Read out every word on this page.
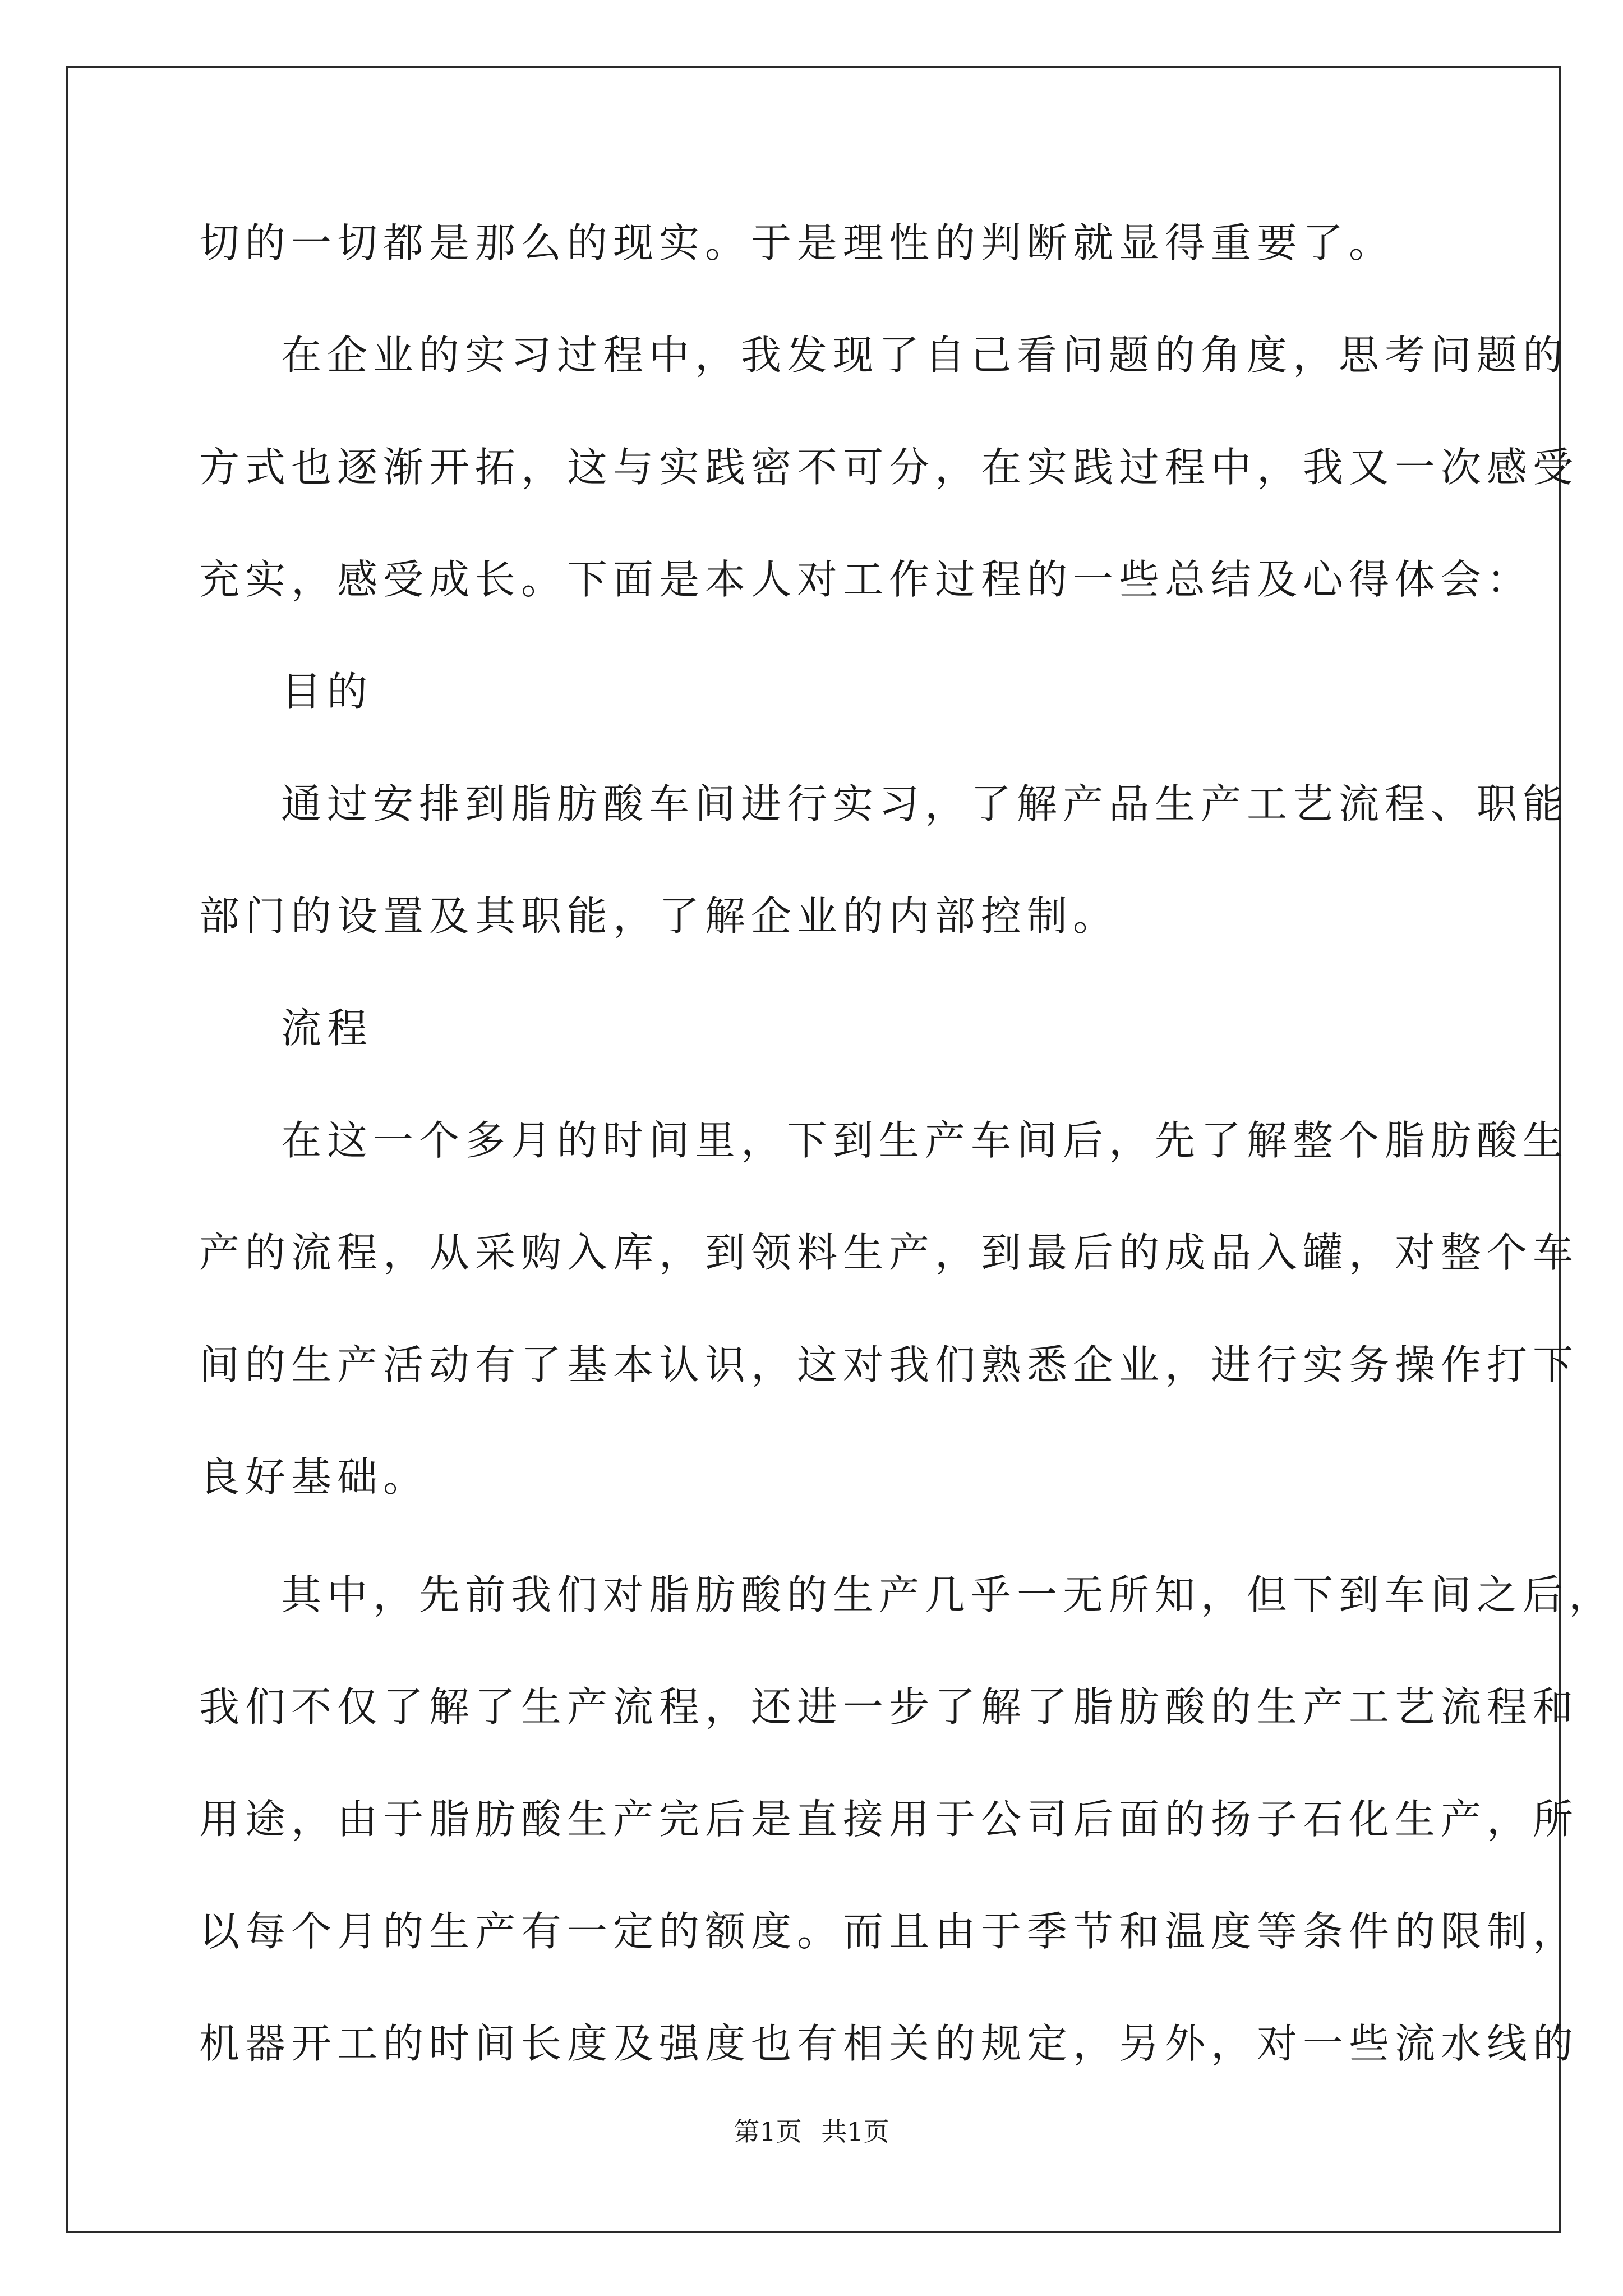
切的一切都是那么的现实。于是理性的判断就显得重要了。
在企业的实习过程中，我发现了自己看问题的角度，思考问题的
方式也逐渐开拓，这与实践密不可分，在实践过程中，我又一次感受
充实，感受成长。下面是本人对工作过程的一些总结及心得体会：
目的
通过安排到脂肪酸车间进行实习，了解产品生产工艺流程、职能
部门的设置及其职能，了解企业的内部控制。
流程
在这一个多月的时间里，下到生产车间后，先了解整个脂肪酸生
产的流程，从采购入库，到领料生产，到最后的成品入罐，对整个车
间的生产活动有了基本认识，这对我们熟悉企业，进行实务操作打下
良好基础。
其中，先前我们对脂肪酸的生产几乎一无所知，但下到车间之后，
我们不仅了解了生产流程，还进一步了解了脂肪酸的生产工艺流程和
用途，由于脂肪酸生产完后是直接用于公司后面的扬子石化生产，所
以每个月的生产有一定的额度。而且由于季节和温度等条件的限制，
机器开工的时间长度及强度也有相关的规定，另外，对一些流水线的
第1页 共1页
